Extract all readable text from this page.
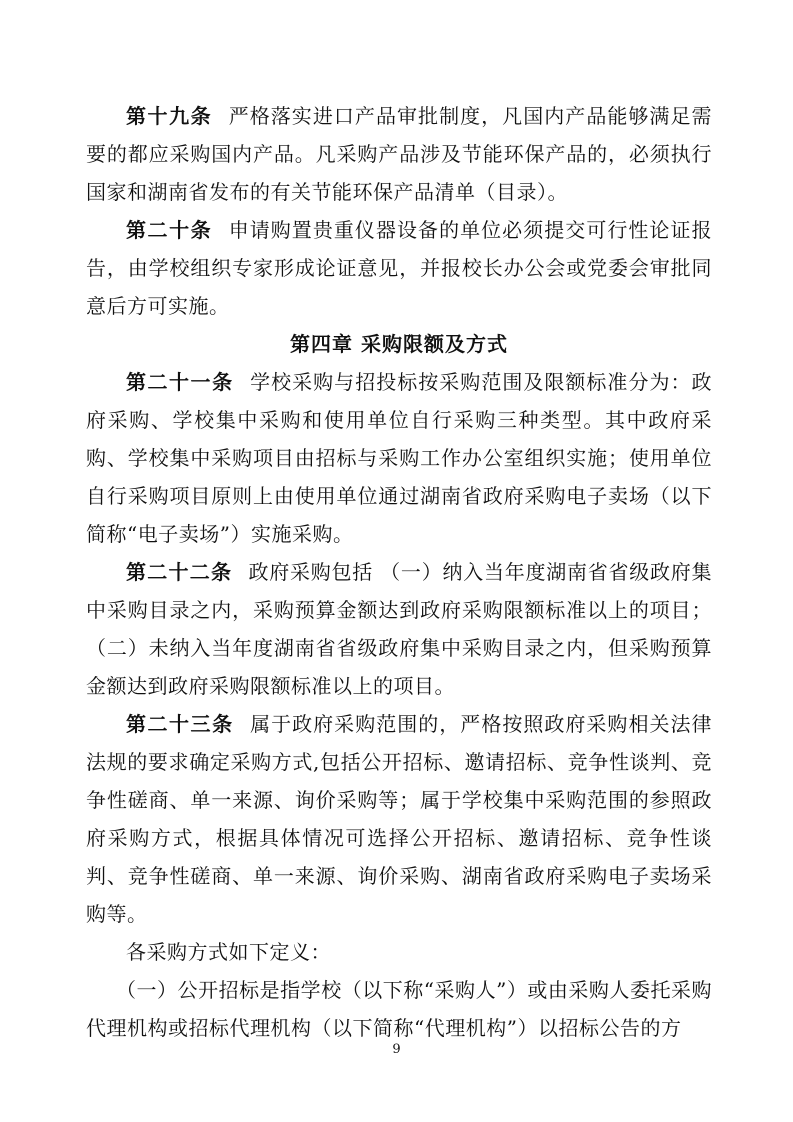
第十九条 严格落实进口产品审批制度，凡国内产品能够满足需要的都应采购国内产品。凡采购产品涉及节能环保产品的，必须执行国家和湖南省发布的有关节能环保产品清单（目录）。

第二十条 申请购置贵重仪器设备的单位必须提交可行性论证报告，由学校组织专家形成论证意见，并报校长办公会或党委会审批同意后方可实施。

第四章 采购限额及方式

第二十一条 学校采购与招投标按采购范围及限额标准分为：政府采购、学校集中采购和使用单位自行采购三种类型。其中政府采购、学校集中采购项目由招标与采购工作办公室组织实施；使用单位自行采购项目原则上由使用单位通过湖南省政府采购电子卖场（以下简称“电子卖场”）实施采购。

第二十二条 政府采购包括 （一）纳入当年度湖南省省级政府集中采购目录之内，采购预算金额达到政府采购限额标准以上的项目；（二）未纳入当年度湖南省省级政府集中采购目录之内，但采购预算金额达到政府采购限额标准以上的项目。

第二十三条 属于政府采购范围的，严格按照政府采购相关法律法规的要求确定采购方式,包括公开招标、邀请招标、竞争性谈判、竞争性磋商、单一来源、询价采购等；属于学校集中采购范围的参照政府采购方式，根据具体情况可选择公开招标、邀请招标、竞争性谈判、竞争性磋商、单一来源、询价采购、湖南省政府采购电子卖场采购等。

各采购方式如下定义：

（一）公开招标是指学校（以下称“采购人”）或由采购人委托采购代理机构或招标代理机构（以下简称“代理机构”）以招标公告的方

9
